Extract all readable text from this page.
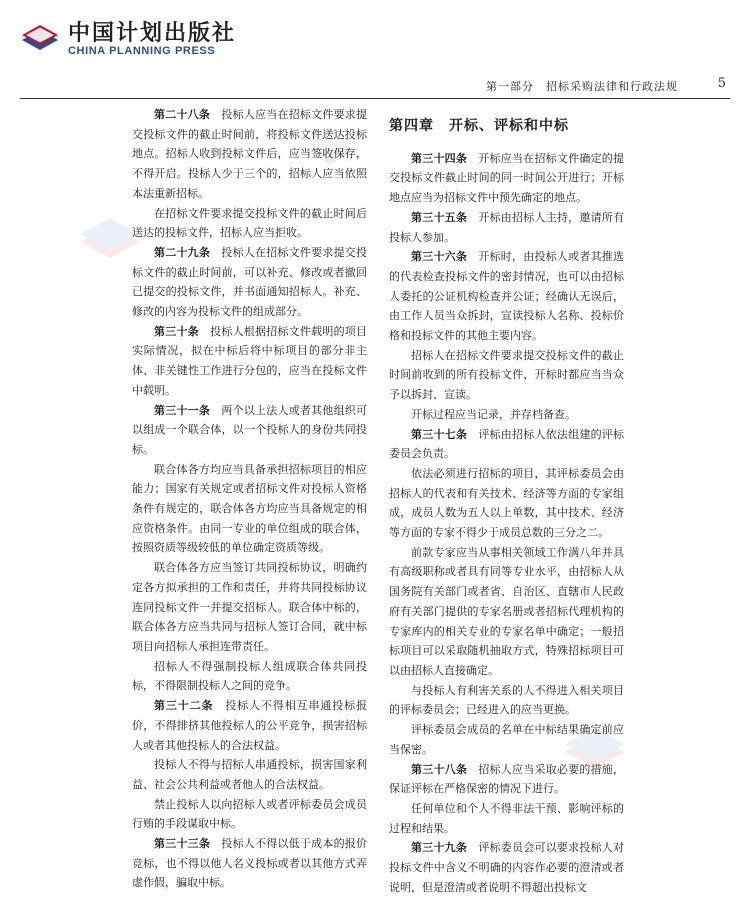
中国计划出版社
CHINA PLANNING PRESS
第一部分　招标采购法律和行政法规	5

第二十八条　 投标人应当在招标文件要求提交投标文件的截止时间前，将投标文件送达投标地点。招标人收到投标文件后，应当签收保存，不得开启。投标人少于三个的，招标人应当依照本法重新招标。

在招标文件要求提交投标文件的截止时间后送达的投标文件，招标人应当拒收。

第二十九条　 投标人在招标文件要求提交投标文件的截止时间前，可以补充、修改或者撤回已提交的投标文件，并书面通知招标人。补充、修改的内容为投标文件的组成部分。

第三十条　 投标人根据招标文件载明的项目实际情况，拟在中标后将中标项目的部分非主体、非关键性工作进行分包的，应当在投标文件中载明。

第三十一条　 两个以上法人或者其他组织可以组成一个联合体，以一个投标人的身份共同投标。

联合体各方均应当具备承担招标项目的相应能力；国家有关规定或者招标文件对投标人资格条件有规定的，联合体各方均应当具备规定的相应资格条件。由同一专业的单位组成的联合体，按照资质等级较低的单位确定资质等级。

联合体各方应当签订共同投标协议，明确约定各方拟承担的工作和责任，并将共同投标协议连同投标文件一并提交招标人。联合体中标的，联合体各方应当共同与招标人签订合同，就中标项目向招标人承担连带责任。

招标人不得强制投标人组成联合体共同投标，不得限制投标人之间的竞争。

第三十二条　 投标人不得相互串通投标报价，不得排挤其他投标人的公平竞争，损害招标人或者其他投标人的合法权益。

投标人不得与招标人串通投标，损害国家利益、社会公共利益或者他人的合法权益。

禁止投标人以向招标人或者评标委员会成员行贿的手段谋取中标。

第三十三条　 投标人不得以低于成本的报价竞标，也不得以他人名义投标或者以其他方式弄虚作假，骗取中标。

第四章　开标、评标和中标

第三十四条　 开标应当在招标文件确定的提交投标文件截止时间的同一时间公开进行；开标地点应当为招标文件中预先确定的地点。

第三十五条　 开标由招标人主持，邀请所有投标人参加。

第三十六条　 开标时，由投标人或者其推选的代表检查投标文件的密封情况，也可以由招标人委托的公证机构检查并公证；经确认无误后，由工作人员当众拆封，宣读投标人名称、投标价格和投标文件的其他主要内容。

招标人在招标文件要求提交投标文件的截止时间前收到的所有投标文件，开标时都应当当众予以拆封、宣读。

开标过程应当记录，并存档备查。

第三十七条　 评标由招标人依法组建的评标委员会负责。

依法必须进行招标的项目，其评标委员会由招标人的代表和有关技术、经济等方面的专家组成，成员人数为五人以上单数，其中技术、经济等方面的专家不得少于成员总数的三分之二。

前款专家应当从事相关领域工作满八年并具有高级职称或者具有同等专业水平，由招标人从国务院有关部门或者省、自治区、直辖市人民政府有关部门提供的专家名册或者招标代理机构的专家库内的相关专业的专家名单中确定；一般招标项目可以采取随机抽取方式，特殊招标项目可以由招标人直接确定。

与投标人有利害关系的人不得进入相关项目的评标委员会；已经进入的应当更换。

评标委员会成员的名单在中标结果确定前应当保密。

第三十八条　 招标人应当采取必要的措施，保证评标在严格保密的情况下进行。

任何单位和个人不得非法干预、影响评标的过程和结果。

第三十九条　 评标委员会可以要求投标人对投标文件中含义不明确的内容作必要的澄清或者说明，但是澄清或者说明不得超出投标文
